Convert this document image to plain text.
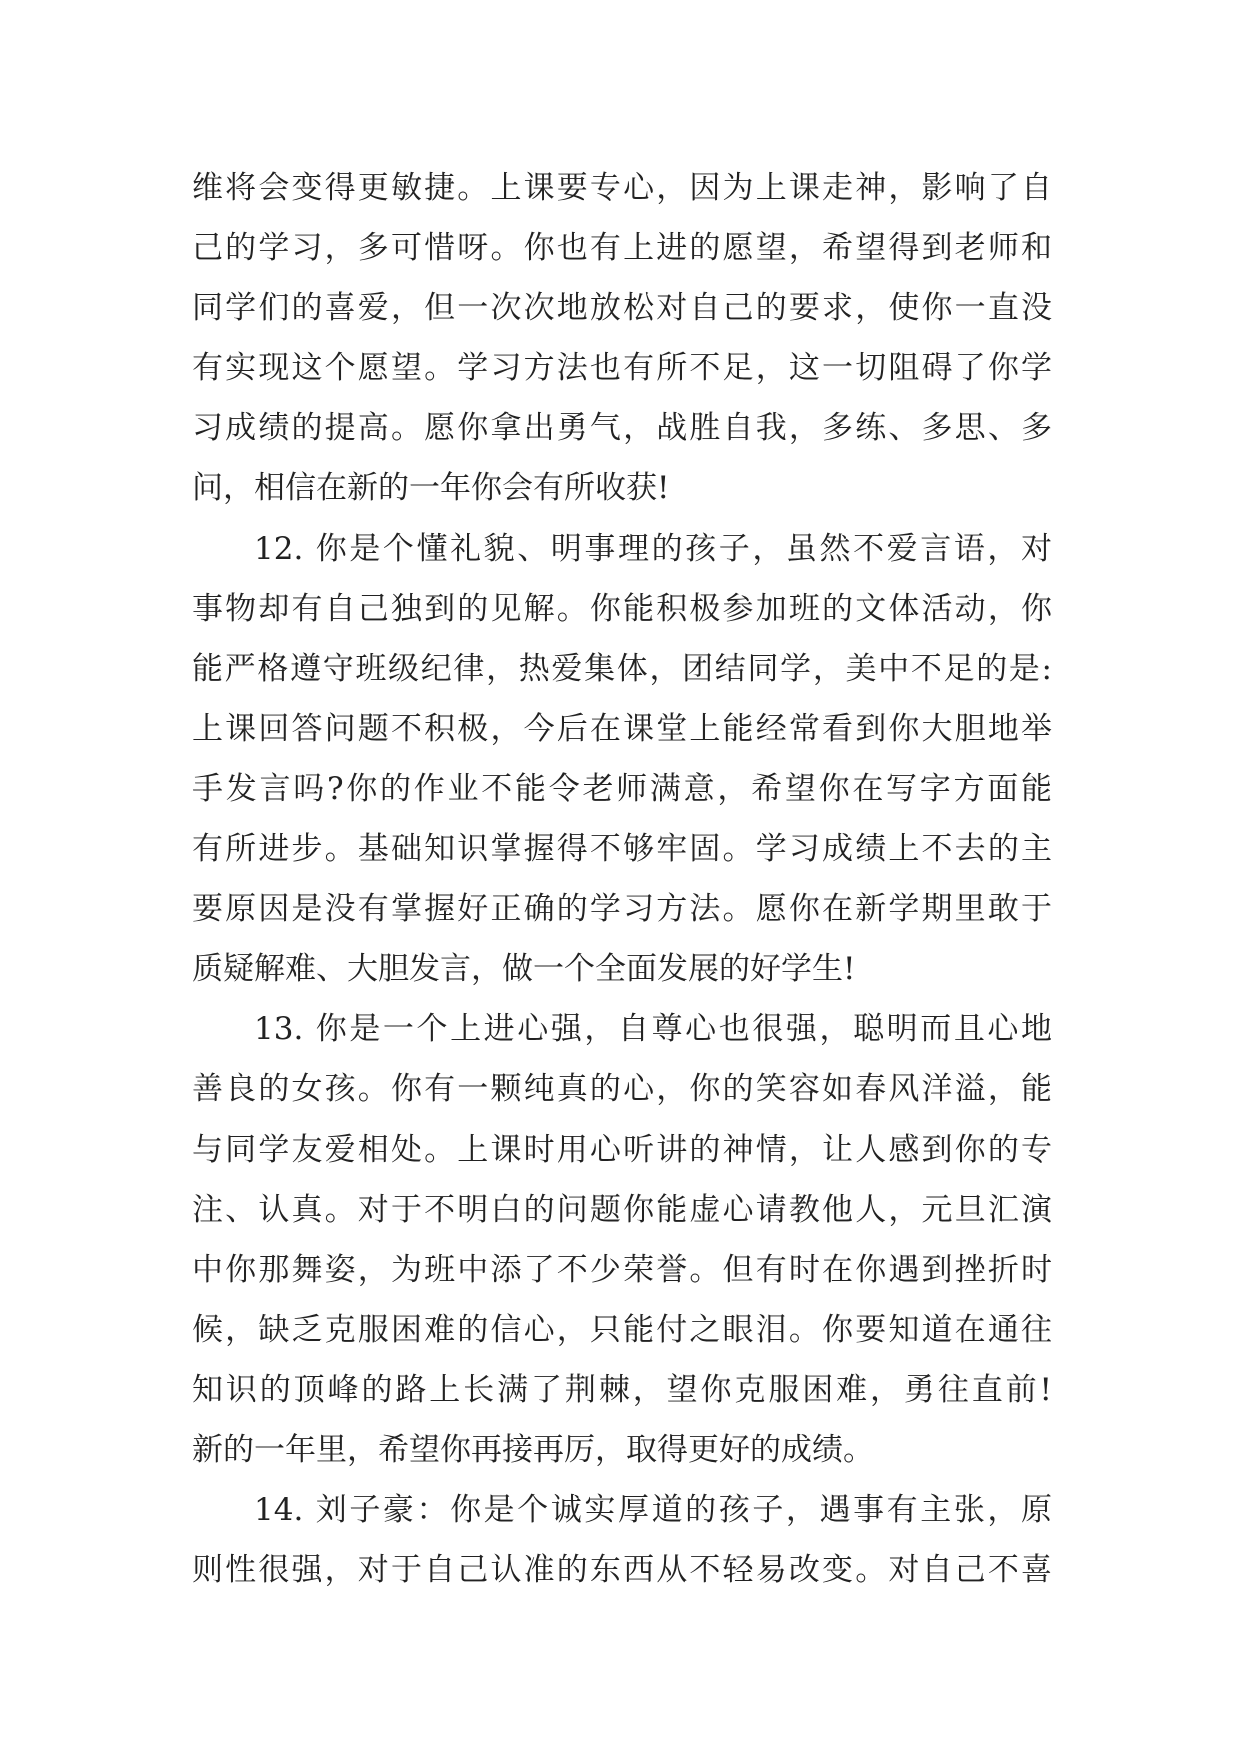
维将会变得更敏捷。上课要专心，因为上课走神，影响了自
己的学习，多可惜呀。你也有上进的愿望，希望得到老师和
同学们的喜爱，但一次次地放松对自己的要求，使你一直没
有实现这个愿望。学习方法也有所不足，这一切阻碍了你学
习成绩的提高。愿你拿出勇气，战胜自我，多练、多思、多
问，相信在新的一年你会有所收获!
12. 你是个懂礼貌、明事理的孩子，虽然不爱言语，对
事物却有自己独到的见解。你能积极参加班的文体活动，你
能严格遵守班级纪律，热爱集体，团结同学，美中不足的是:
上课回答问题不积极，今后在课堂上能经常看到你大胆地举
手发言吗?你的作业不能令老师满意，希望你在写字方面能
有所进步。基础知识掌握得不够牢固。学习成绩上不去的主
要原因是没有掌握好正确的学习方法。愿你在新学期里敢于
质疑解难、大胆发言，做一个全面发展的好学生!
13. 你是一个上进心强，自尊心也很强，聪明而且心地
善良的女孩。你有一颗纯真的心，你的笑容如春风洋溢，能
与同学友爱相处。上课时用心听讲的神情，让人感到你的专
注、认真。对于不明白的问题你能虚心请教他人，元旦汇演
中你那舞姿，为班中添了不少荣誉。但有时在你遇到挫折时
候，缺乏克服困难的信心，只能付之眼泪。你要知道在通往
知识的顶峰的路上长满了荆棘，望你克服困难，勇往直前!
新的一年里，希望你再接再厉，取得更好的成绩。
14. 刘子豪：你是个诚实厚道的孩子，遇事有主张，原
则性很强，对于自己认准的东西从不轻易改变。对自己不喜
